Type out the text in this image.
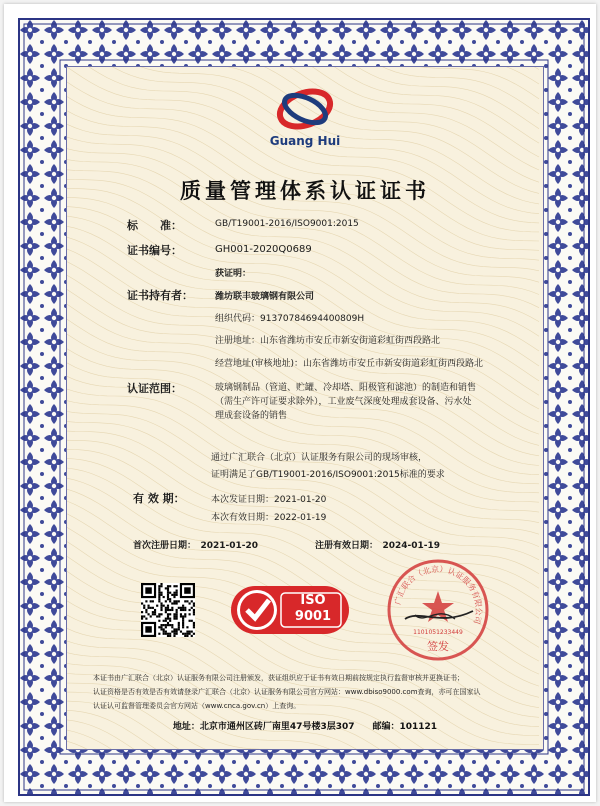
Guang Hui
质量管理体系认证证书
标　　准：	GB/T19001-2016/ISO9001:2015
证书编号：	GH001-2020Q0689
获证明：
证书持有者： 潍坊联丰玻璃钢有限公司
组织代码：91370784694400809H
注册地址：山东省潍坊市安丘市新安街道彩虹街西段路北
经营地址(审核地址)：山东省潍坊市安丘市新安街道彩虹街西段路北
认证范围：	玻璃钢制品（管道、贮罐、冷却塔、阳极管和滤池）的制造和销售
（需生产许可证要求除外），工业废气深度处理成套设备、污水处
理成套设备的销售
通过广汇联合（北京）认证服务有限公司的现场审核，
证明满足了GB/T19001-2016/ISO9001:2015标准的要求
有 效 期：	本次发证日期：2021-01-20
本次有效日期：2022-01-19
首次注册日期：　2021-01-20	注册有效日期：　2024-01-19
ISO
9001
广汇联合（北京）认证服务有限公司
1101051233449
签发
本证书由广汇联合（北京）认证服务有限公司注册颁发，获证组织应于证书有效日期前按规定执行监督审核并更换证书；
认证资格是否有效是否有效请登录广汇联合（北京）认证服务有限公司官方网站：www.dbiso9000.com查询，亦可在国家认
认证认可监督管理委员会官方网站（www.cnca.gov.cn）上查询。
地址：北京市通州区砖厂南里47号楼3层307　　邮编：101121
